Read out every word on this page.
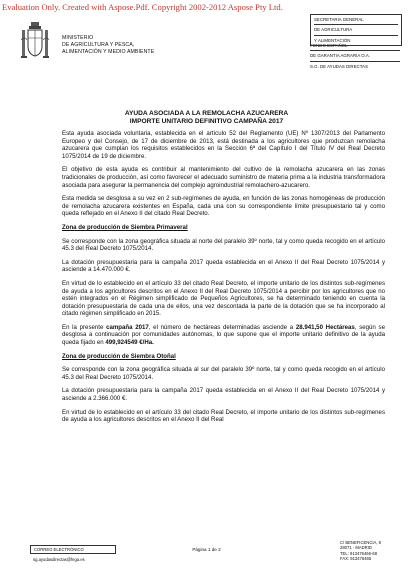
Evaluation Only. Created with Aspose.Pdf. Copyright 2002-2012 Aspose Pty Ltd.
MINISTERIO
DE AGRICULTURA Y PESCA,
ALIMENTACIÓN Y MEDIO AMBIENTE
SECRETARIA GENERAL
DE AGRICULTURA
Y ALIMENTACIÓN
FONDO ESPAÑOL
DE GARANTIA AGRARIA O.A.
S.G. DE AYUDAS DIRECTAS
AYUDA ASOCIADA A LA REMOLACHA AZUCARERA
IMPORTE UNITARIO DEFINITIVO CAMPAÑA 2017

Esta ayuda asociada voluntaria, establecida en el artículo 52 del Reglamento (UE) Nº 1307/2013 del Parlamento Europeo y del Consejo, de 17 de diciembre de 2013, está destinada a los agricultores que produzcan remolacha azucarera que cumplan los requisitos establecidos en la Sección 6ª del Capítulo I del Título IV del Real Decreto 1075/2014 de 19 de diciembre.

El objetivo de esta ayuda es contribuir al mantenimiento del cultivo de la remolacha azucarera en las zonas tradicionales de producción, así como favorecer el adecuado suministro de materia prima a la industria transformadora asociada para asegurar la permanencia del complejo agroindustrial remolachero-azucarero.

Esta medida se desglosa a su vez en 2 sub-regímenes de ayuda, en función de las zonas homogéneas de producción de remolacha azucarera existentes en España, cada una con su correspondiente límite presupuestario tal y como queda reflejado en el Anexo II del citado Real Decreto.

Zona de producción de Siembra Primaveral

Se corresponde con la zona geográfica situada al norte del paralelo 39º norte, tal y como queda recogido en el artículo 45.3 del Real Decreto 1075/2014.

La dotación presupuestaria para la campaña 2017 queda establecida en el Anexo II del Real Decreto 1075/2014 y asciende a 14.470.000 €.

En virtud de lo establecido en el artículo 33 del citado Real Decreto, el importe unitario de los distintos sub-regímenes de ayuda a los agricultores descritos en el Anexo II del Real Decreto 1075/2014 a percibir por los agricultores que no estén integrados en el Régimen simplificado de Pequeños Agricultores, se ha determinado teniendo en cuenta la dotación presupuestaria de cada una de ellos, una vez descontada la parte de la dotación que se ha incorporado al citado régimen simplificado en 2015.

En la presente campaña 2017, el número de hectáreas determinadas asciende a 28.941,50 Hectáreas, según se desglosa a continuación por comunidades autónomas, lo que supone que el importe unitario definitivo de la ayuda queda fijado en 499,924549 €/Ha.

Zona de producción de Siembra Otoñal

Se corresponde con la zona geográfica situada al sur del paralelo 39º norte, tal y como queda recogido en el artículo 45.3 del Real Decreto 1075/2014.

La dotación presupuestaria para la campaña 2017 queda establecida en el Anexo II del Real Decreto 1075/2014 y asciende a 2.366.000 €.

En virtud de lo establecido en el artículo 33 del citado Real Decreto, el importe unitario de los distintos sub-regímenes de ayuda a los agricultores descritos en el Anexo II del Real

CORREO ELECTRÓNICO
sg.ayudasdirectas@fega.es
Página 1 de 2
C/ BENEFICENCIA, 8
28071 - MADRID
TEL: 913476466-68
FAX: 913476465
